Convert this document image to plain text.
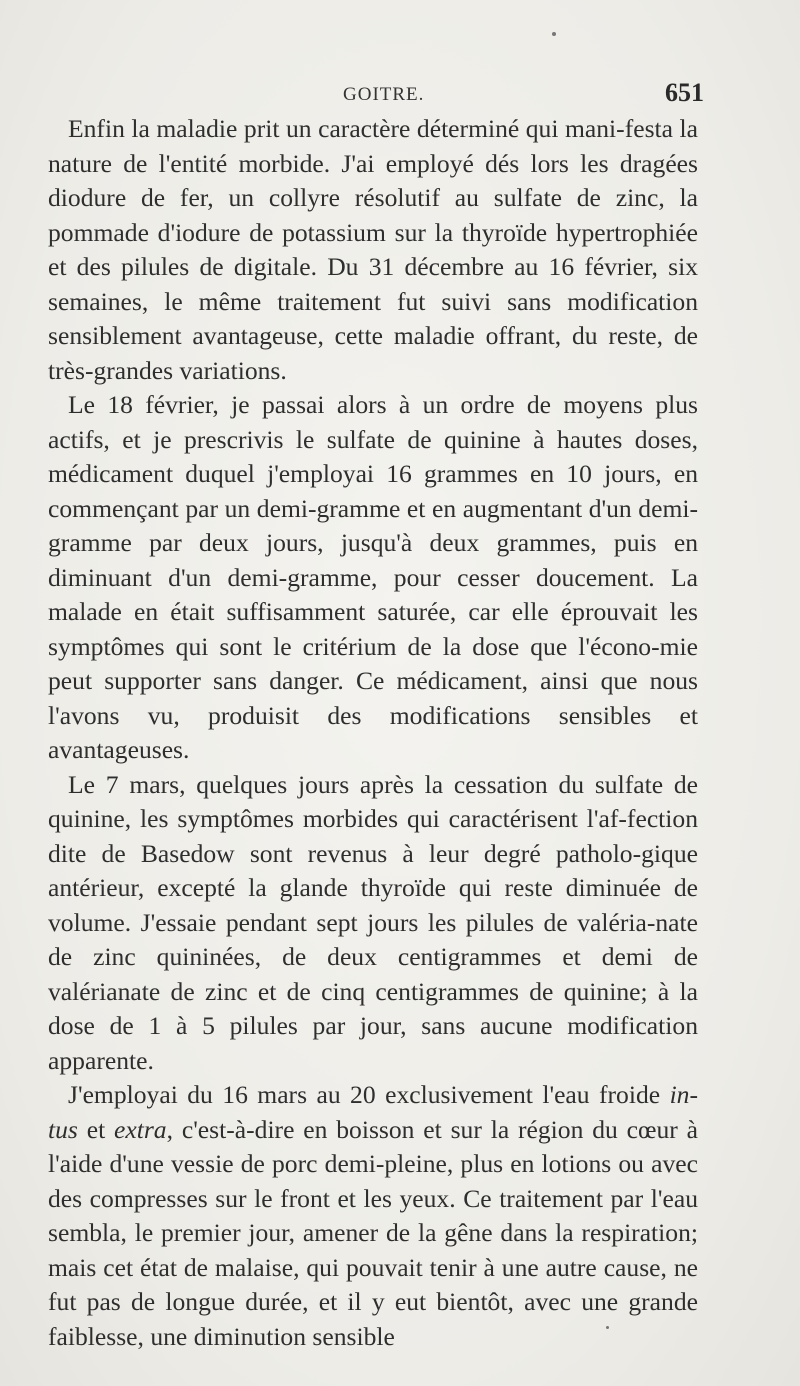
GOITRE.	651

Enfin la maladie prit un caractère déterminé qui mani-festa la nature de l'entité morbide. J'ai employé dés lors les dragées diodure de fer, un collyre résolutif au sulfate de zinc, la pommade d'iodure de potassium sur la thyroïde hypertrophiée et des pilules de digitale. Du 31 décembre au 16 février, six semaines, le même traitement fut suivi sans modification sensiblement avantageuse, cette maladie offrant, du reste, de très-grandes variations.

Le 18 février, je passai alors à un ordre de moyens plus actifs, et je prescrivis le sulfate de quinine à hautes doses, médicament duquel j'employai 16 grammes en 10 jours, en commençant par un demi-gramme et en augmentant d'un demi-gramme par deux jours, jusqu'à deux grammes, puis en diminuant d'un demi-gramme, pour cesser doucement. La malade en était suffisamment saturée, car elle éprouvait les symptômes qui sont le critérium de la dose que l'écono-mie peut supporter sans danger. Ce médicament, ainsi que nous l'avons vu, produisit des modifications sensibles et avantageuses.

Le 7 mars, quelques jours après la cessation du sulfate de quinine, les symptômes morbides qui caractérisent l'af-fection dite de Basedow sont revenus à leur degré patholo-gique antérieur, excepté la glande thyroïde qui reste diminuée de volume. J'essaie pendant sept jours les pilules de valéria-nate de zinc quininées, de deux centigrammes et demi de valérianate de zinc et de cinq centigrammes de quinine; à la dose de 1 à 5 pilules par jour, sans aucune modification apparente.

J'employai du 16 mars au 20 exclusivement l'eau froide in-tus et extra, c'est-à-dire en boisson et sur la région du cœur à l'aide d'une vessie de porc demi-pleine, plus en lotions ou avec des compresses sur le front et les yeux. Ce traitement par l'eau sembla, le premier jour, amener de la gêne dans la respiration; mais cet état de malaise, qui pouvait tenir à une autre cause, ne fut pas de longue durée, et il y eut bientôt, avec une grande faiblesse, une diminution sensible
